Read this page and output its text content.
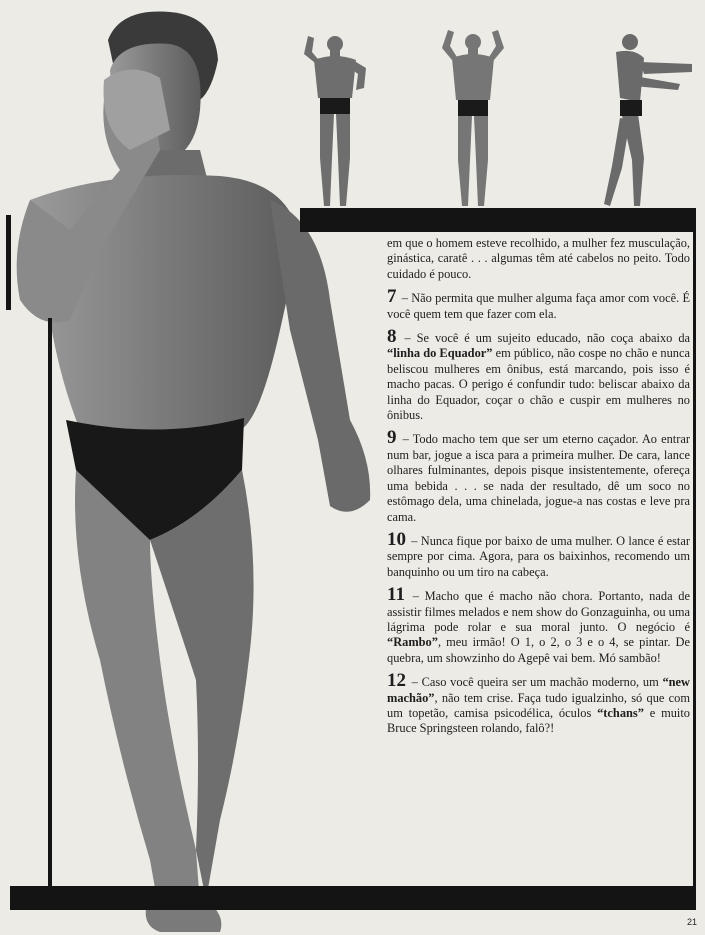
em que o homem esteve recolhido, a mulher fez musculação, ginástica, caratê . . . algumas têm até cabelos no peito. Todo cuidado é pouco.

7 – Não permita que mulher alguma faça amor com você. É você quem tem que fazer com ela.

8 – Se você é um sujeito educado, não coça abaixo da “linha do Equador” em público, não cospe no chão e nunca beliscou mulheres em ônibus, está marcando, pois isso é macho pacas. O perigo é confundir tudo: beliscar abaixo da linha do Equador, coçar o chão e cuspir em mulheres no ônibus.

9 – Todo macho tem que ser um eterno caçador. Ao entrar num bar, jogue a isca para a primeira mulher. De cara, lance olhares fulminantes, depois pisque insistentemente, ofereça uma bebida . . . se nada der resultado, dê um soco no estômago dela, uma chinelada, jogue-a nas costas e leve pra cama.

10 – Nunca fique por baixo de uma mulher. O lance é estar sempre por cima. Agora, para os baixinhos, recomendo um banquinho ou um tiro na cabeça.

11 – Macho que é macho não chora. Portanto, nada de assistir filmes melados e nem show do Gonzaguinha, ou uma lágrima pode rolar e sua moral junto. O negócio é “Rambo”, meu irmão! O 1, o 2, o 3 e o 4, se pintar. De quebra, um showzinho do Agepê vai bem. Mó sambão!

12 – Caso você queira ser um machão moderno, um “new machão”, não tem crise. Faça tudo igualzinho, só que com um topetão, camisa psicodélica, óculos “tchans” e muito Bruce Springsteen rolando, falô?!

21
